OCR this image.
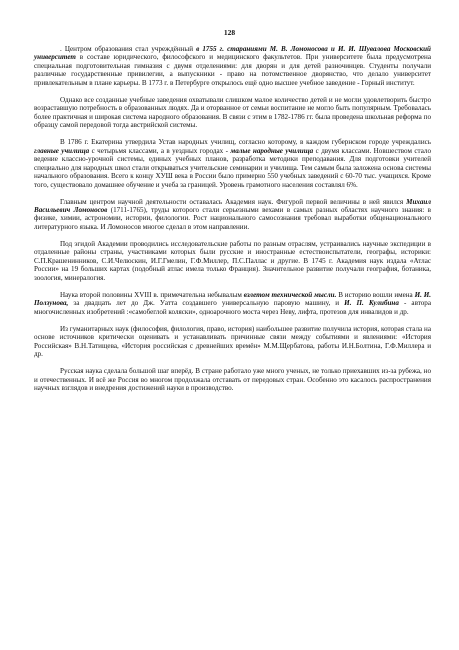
128

. Центром образования стал учреждённый в 1755 г. стараниями М. В. Ломоносова и И. И. Шувалова Московский университет в составе юридического, философского и медицинского факультетов. При университете была предусмотрена специальная подготовительная гимназия с двумя отделениями: для дворян и для детей разночинцев. Студенты получали различные государственные привилегии, а выпускники - право на потомственное дворянство, что делало университет привлекательным в плане карьеры. В 1773 г. в Петербурге открылось ещё одно высшее учебное заведение - Горный институт.

Однако все созданные учебные заведения охватывали слишком малое количество детей и не могли удовлетворить быстро возраставшую потребность в образованных людях. Да и оторванное от семьи воспитание не могло быть популярным. Требовалась более практичная и широкая система народного образования. В связи с этим в 1782-1786 гг. была проведена школьная реформа по образцу самой передовой тогда австрийской системы.

В 1786 г. Екатерина утвердила Устав народных училищ, согласно которому, в каждом губернском городе учреждались главные училища с четырьмя классами, а в уездных городах - малые народные училища с двумя классами. Новшеством стало ведение классно-урочной системы, единых учебных планов, разработка методики преподавания. Для подготовки учителей специально для народных школ стали открываться учительские семинарии и училища. Тем самым была заложена основа системы начального образования. Всего к концу XУШ века в России было примерно 550 учебных заведений с 60-70 тыс. учащихся. Кроме того, существовало домашнее обучение и учеба за границей. Уровень грамотного населения составлял 6%.

Главным центром научной деятельности оставалась Академия наук. Фигурой первой величины в ней явился Михаил Васильевич Ломоносов (1711-1765), труды которого стали серьезными вехами в самых разных областях научного знания: в физике, химии, астрономии, истории, филологии. Рост национального самосознания требовал выработки общенационального литературного языка. И Ломоносов многое сделал в этом направлении.

Под эгидой Академии проводились исследовательские работы по разным отраслям, устраивались научные экспедиции в отдаленные районы страны, участниками которых были русские и иностранные естествоиспытатели, географы, историки: С.П.Крашенинников, С.И.Челюскин, И.Г.Гмелин, Г.Ф.Миллер, П.С.Паллас и другие. В 1745 г. Академия наук издала «Атлас России» на 19 больших картах (подобный атлас имела только Франция). Значительное развитие получали география, ботаника, зоология, минералогия.

Наука второй половины XVIII в. примечательна небывалым взлетом технической мысли. В историю вошли имена И. И. Ползунова, за двадцать лет до Дж. Уатта создавшего универсальную паровую машину, и И. П. Кулибина - автора многочисленных изобретений :«самобеглой коляски», одноарочного моста через Неву, лифта, протезов для инвалидов и др.

Из гуманитарных наук (философия, филология, право, история) наибольшее развитие получила история, которая стала на основе источников критически оценивать и устанавливать причинные связи между событиями и явлениями: «История Российская» В.Н.Татищева, «История российская с древнейших времён» М.М.Щербатова, работы И.Н.Болтина, Г.Ф.Миллера и др.

Русская наука сделала большой шаг вперёд. В стране работало уже много ученых, не только приехавших из-за рубежа, но и отечественных. И всё же Россия во многом продолжала отставать от передовых стран. Особенно это касалось распространения научных взглядов и внедрения достижений науки в производство.
